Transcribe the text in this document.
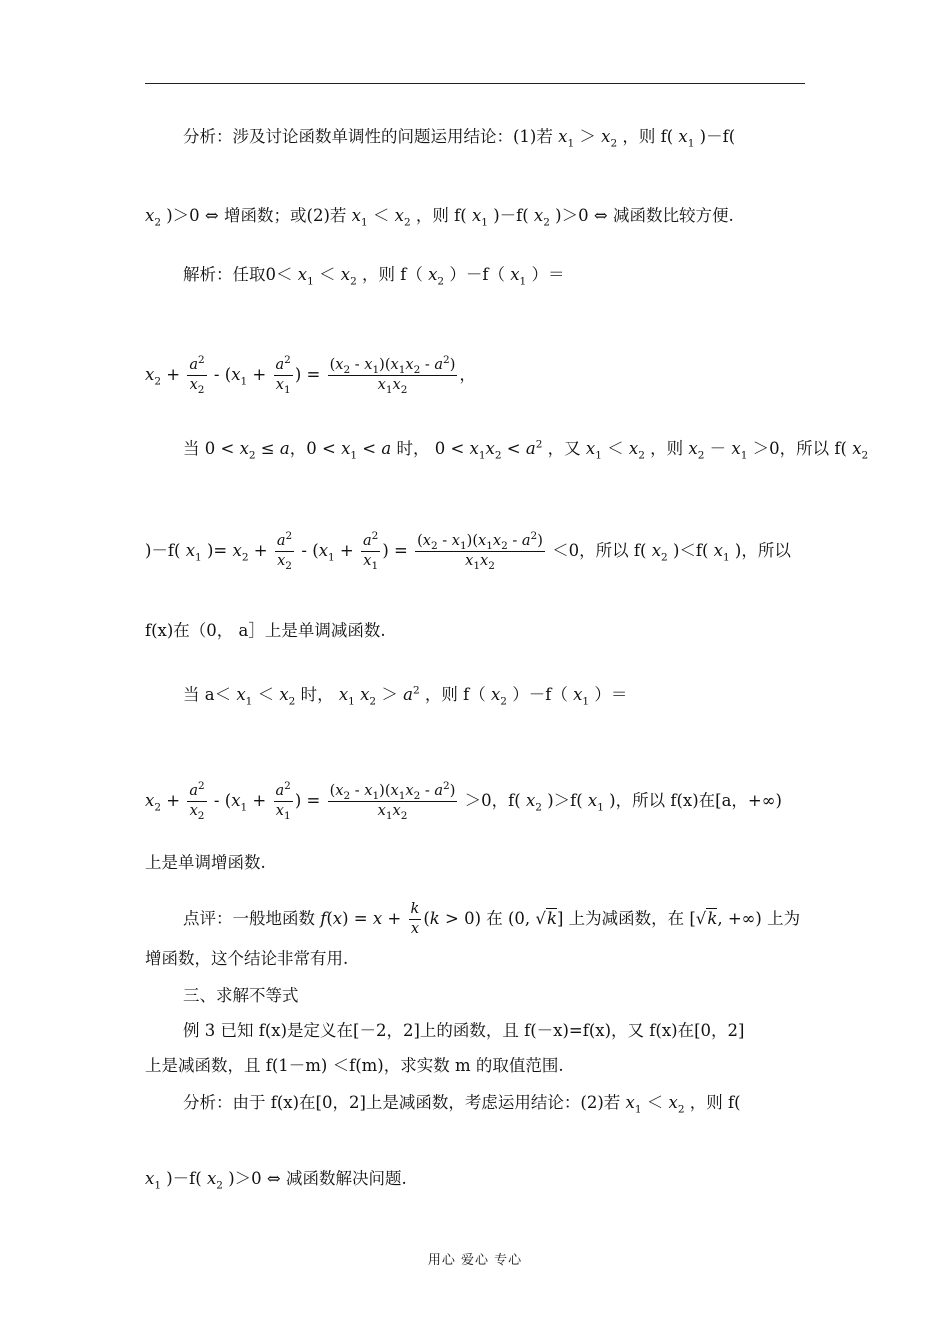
分析：涉及讨论函数单调性的问题运用结论：(1)若 $x_1 > x_2$ ，则 f( $x_1$ )－f(
$x_2$ )＞0 ⇔ 增函数；或(2)若 $x_1 < x_2$ ，则 f( $x_1$ )－f( $x_2$ )＞0 ⇔ 减函数比较方便.
解析：任取$0< x_1 < x_2$ ，则 f（ $x_2$ ）－f（ $x_1$ ）＝
$x_2 + \frac{a^2}{x_2} - (x_1 + \frac{a^2}{x_1}$ ) = $\frac{(x_2 - x_1)(x_1x_2 - a^2)}{x_1x_2}$ ，
当 $0 < x_2 \le a$，$0 < x_1 < a$ 时， $0 < x_1x_2 < a^2$ ，又 $x_1 < x_2$ ，则 $x_2 - x_1 >0$，所以 f( $x_2$
)－f( $x_1$ )= $x_2 + \frac{a^2}{x_2} - (x_1 + \frac{a^2}{x_1}$ ) = $\frac{(x_2 - x_1)(x_1x_2 - a^2)}{x_1x_2} <0$，所以 f( $x_2$ )＜f( $x_1$ )，所以
f(x)在（0， a］上是单调减函数.
当 $a< x_1 < x_2$ 时， $x_1$ $x_2 > a^2$ ，则 f（ $x_2$ ）－f（ $x_1$ ）＝
$x_2 + \frac{a^2}{x_2} - (x_1 + \frac{a^2}{x_1}$ ) = $\frac{(x_2 - x_1)(x_1x_2 - a^2)}{x_1x_2} >0$，f( $x_2$ )＞f( $x_1$ )，所以 f(x)在[a，+∞)
上是单调增函数.
点评：一般地函数 $f(x) = x + \frac{k}{x} (k > 0)$ 在 (0, √k] 上为减函数，在 [√k, +∞) 上为
增函数，这个结论非常有用.
三、求解不等式
例 3 已知 f(x)是定义在[－2，2]上的函数，且 f(－x)=f(x)，又 f(x)在[0，2]
上是减函数，且 f(1－m) ＜f(m)，求实数 m 的取值范围.
分析：由于 f(x)在[0，2]上是减函数，考虑运用结论：(2)若 $x_1 < x_2$ ，则 f(
$x_1$ )－f( $x_2$ )＞0 ⇔ 减函数解决问题.
用心 爱心 专心
